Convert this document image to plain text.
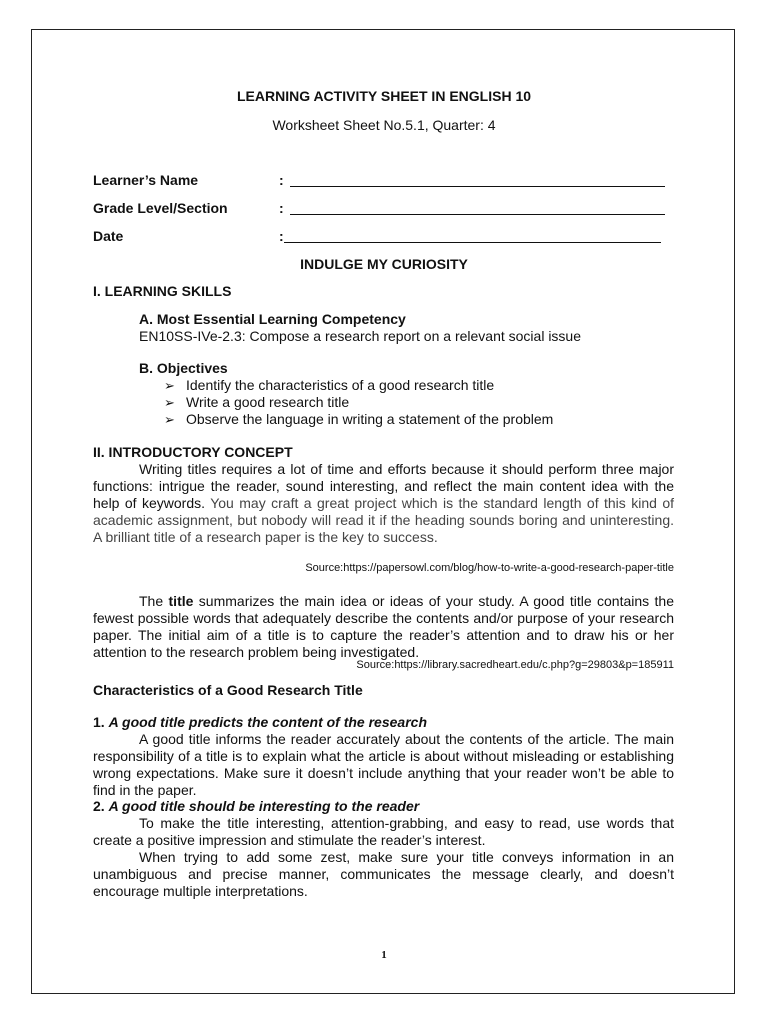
LEARNING ACTIVITY SHEET IN ENGLISH 10
Worksheet Sheet No.5.1, Quarter: 4
Learner’s Name	:
Grade Level/Section	:
Date	:
INDULGE MY CURIOSITY
I. LEARNING SKILLS
A. Most Essential Learning Competency
EN10SS-IVe-2.3: Compose a research report on a relevant social issue
B. Objectives
➢ Identify the characteristics of a good research title
➢ Write a good research title
➢ Observe the language in writing a statement of the problem
II. INTRODUCTORY CONCEPT
Writing titles requires a lot of time and efforts because it should perform three major functions: intrigue the reader, sound interesting, and reflect the main content idea with the help of keywords. You may craft a great project which is the standard length of this kind of academic assignment, but nobody will read it if the heading sounds boring and uninteresting. A brilliant title of a research paper is the key to success.
Source:https://papersowl.com/blog/how-to-write-a-good-research-paper-title
The title summarizes the main idea or ideas of your study. A good title contains the fewest possible words that adequately describe the contents and/or purpose of your research paper. The initial aim of a title is to capture the reader’s attention and to draw his or her attention to the research problem being investigated.
Source:https://library.sacredheart.edu/c.php?g=29803&p=185911
Characteristics of a Good Research Title
1. A good title predicts the content of the research
A good title informs the reader accurately about the contents of the article. The main responsibility of a title is to explain what the article is about without misleading or establishing wrong expectations. Make sure it doesn’t include anything that your reader won’t be able to find in the paper.
2. A good title should be interesting to the reader
To make the title interesting, attention-grabbing, and easy to read, use words that create a positive impression and stimulate the reader’s interest.
When trying to add some zest, make sure your title conveys information in an unambiguous and precise manner, communicates the message clearly, and doesn’t encourage multiple interpretations.
1
